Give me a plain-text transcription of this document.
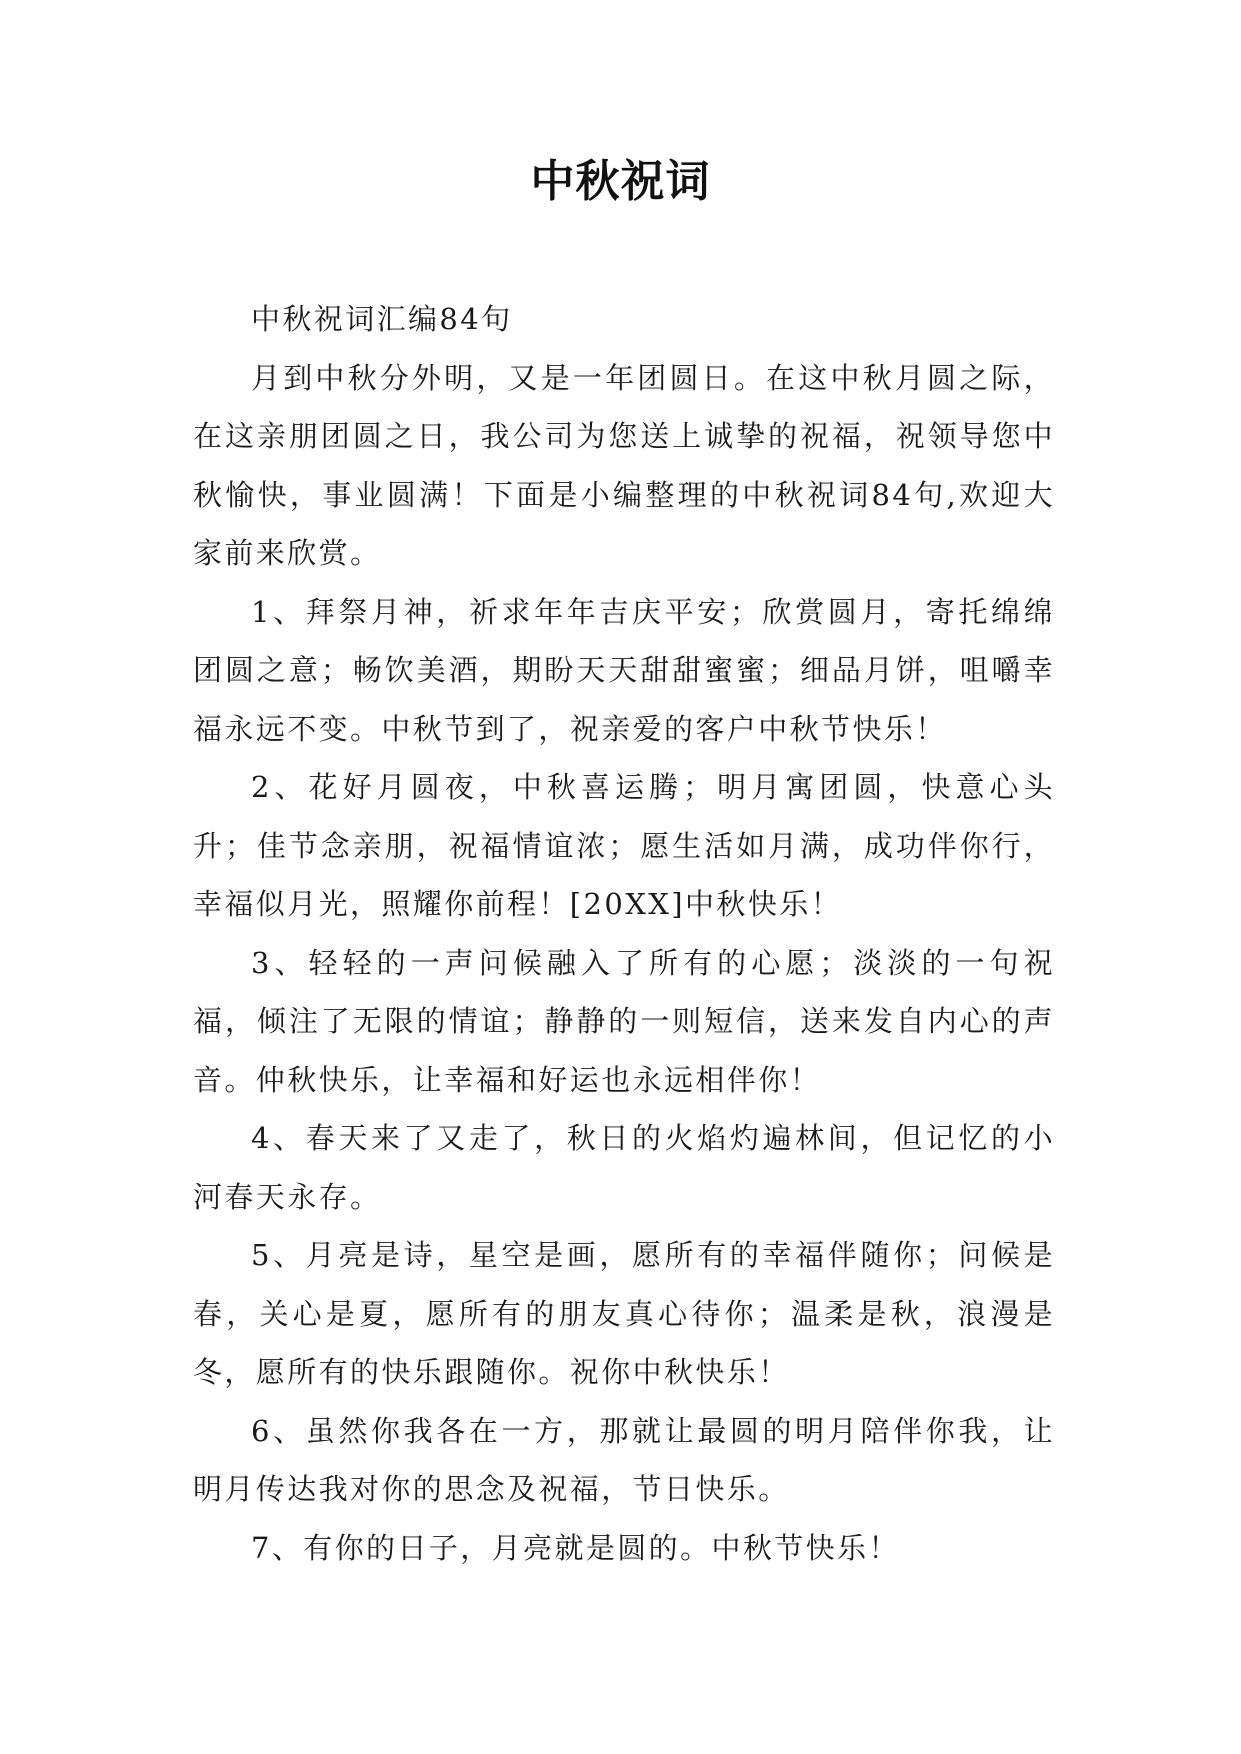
中秋祝词

中秋祝词汇编84句

月到中秋分外明，又是一年团圆日。在这中秋月圆之际，在这亲朋团圆之日，我公司为您送上诚挚的祝福，祝领导您中秋愉快，事业圆满！下面是小编整理的中秋祝词84句,欢迎大家前来欣赏。

1、拜祭月神，祈求年年吉庆平安；欣赏圆月，寄托绵绵团圆之意；畅饮美酒，期盼天天甜甜蜜蜜；细品月饼，咀嚼幸福永远不变。中秋节到了，祝亲爱的客户中秋节快乐！

2、花好月圆夜，中秋喜运腾；明月寓团圆，快意心头升；佳节念亲朋，祝福情谊浓；愿生活如月满，成功伴你行，幸福似月光，照耀你前程！[20XX]中秋快乐！

3、轻轻的一声问候融入了所有的心愿；淡淡的一句祝福，倾注了无限的情谊；静静的一则短信，送来发自内心的声音。仲秋快乐，让幸福和好运也永远相伴你！

4、春天来了又走了，秋日的火焰灼遍林间，但记忆的小河春天永存。

5、月亮是诗，星空是画，愿所有的幸福伴随你；问候是春，关心是夏，愿所有的朋友真心待你；温柔是秋，浪漫是冬，愿所有的快乐跟随你。祝你中秋快乐！

6、虽然你我各在一方，那就让最圆的明月陪伴你我，让明月传达我对你的思念及祝福，节日快乐。

7、有你的日子，月亮就是圆的。中秋节快乐！
